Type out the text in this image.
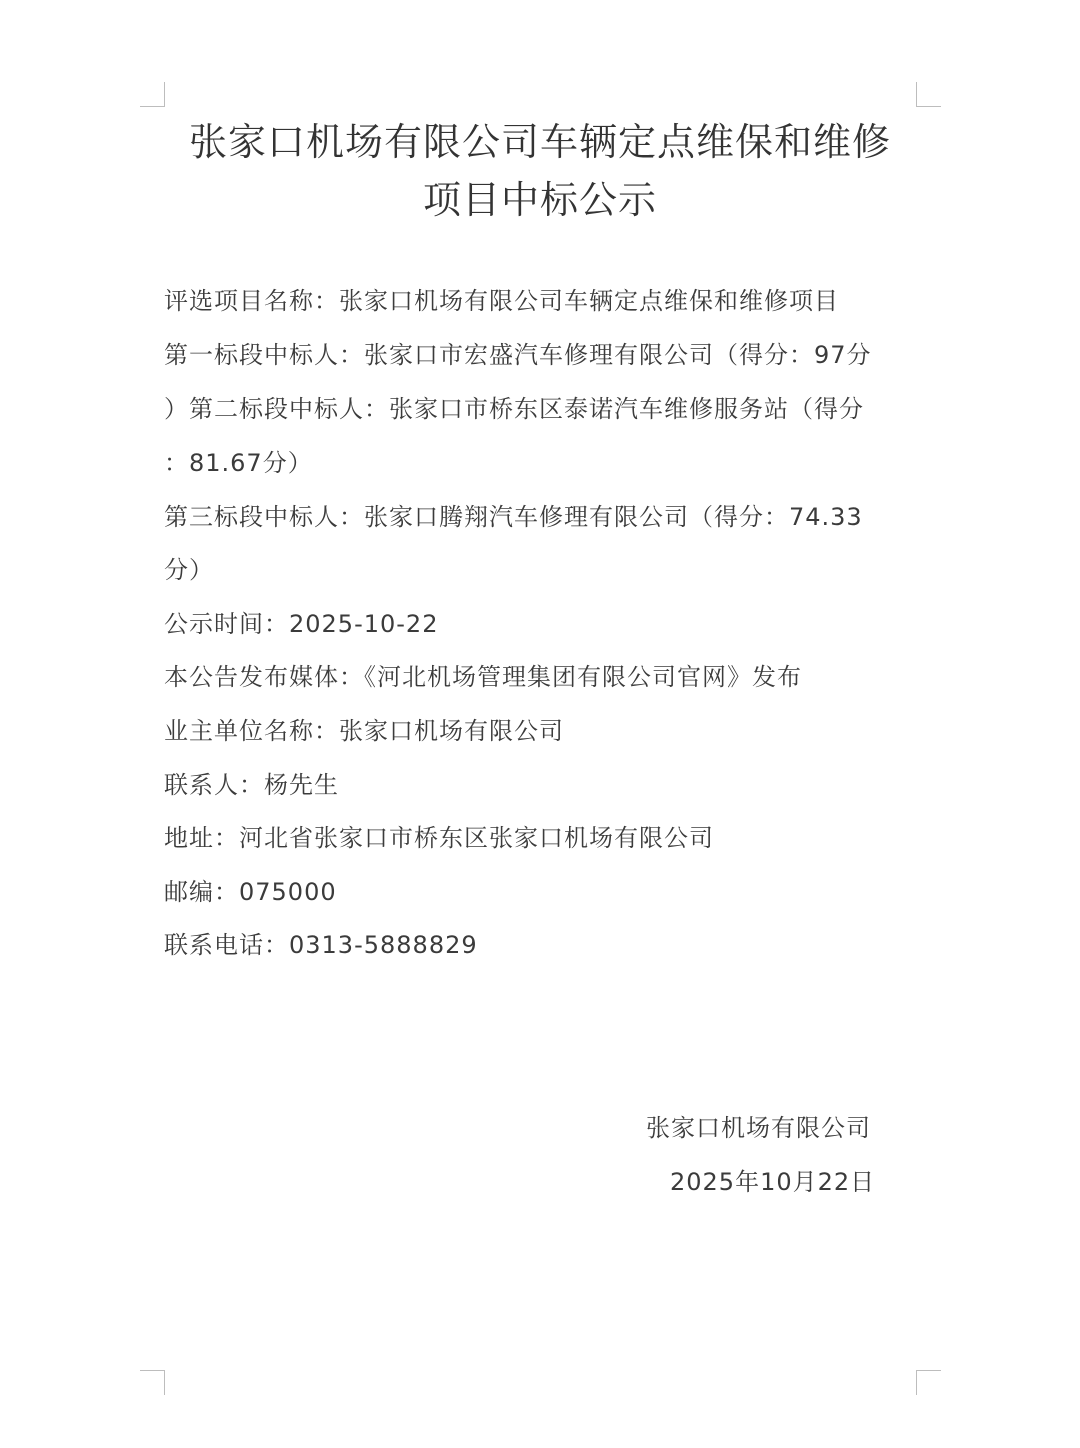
张家口机场有限公司车辆定点维保和维修
项目中标公示
评选项目名称：张家口机场有限公司车辆定点维保和维修项目
第一标段中标人：张家口市宏盛汽车修理有限公司（得分：97分
）第二标段中标人：张家口市桥东区泰诺汽车维修服务站（得分
：81.67分）
第三标段中标人：张家口腾翔汽车修理有限公司（得分：74.33
分）
公示时间：2025-10-22
本公告发布媒体：《河北机场管理集团有限公司官网》发布
业主单位名称：张家口机场有限公司
联系人：杨先生
地址：河北省张家口市桥东区张家口机场有限公司
邮编：075000
联系电话：0313-5888829
张家口机场有限公司
2025年10月22日
